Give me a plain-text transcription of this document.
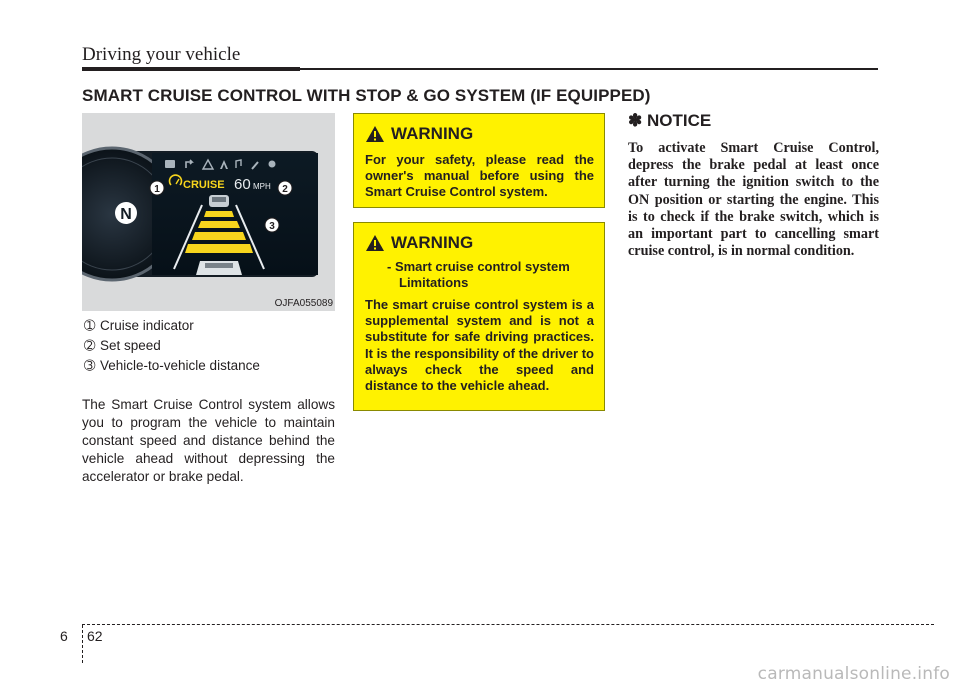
Driving your vehicle
SMART CRUISE CONTROL WITH STOP & GO SYSTEM (IF EQUIPPED)
CRUISE 60 MPH
N
1	2
3
OJFA055089
➀ Cruise indicator
➁ Set speed
➂ Vehicle-to-vehicle distance
The Smart Cruise Control system allows you to program the vehicle to maintain constant speed and distance behind the vehicle ahead without depressing the accelerator or brake pedal.
WARNING
For your safety, please read the owner's manual before using the Smart Cruise Control system.
WARNING
- Smart cruise control system Limitations
The smart cruise control system is a supplemental system and is not a substitute for safe driving practices. It is the responsibility of the driver to always check the speed and distance to the vehicle ahead.
✽ NOTICE
To activate Smart Cruise Control, depress the brake pedal at least once after turning the ignition switch to the ON position or starting the engine. This is to check if the brake switch, which is an important part to cancelling smart cruise control, is in normal condition.
6 62
carmanualsonline.info
